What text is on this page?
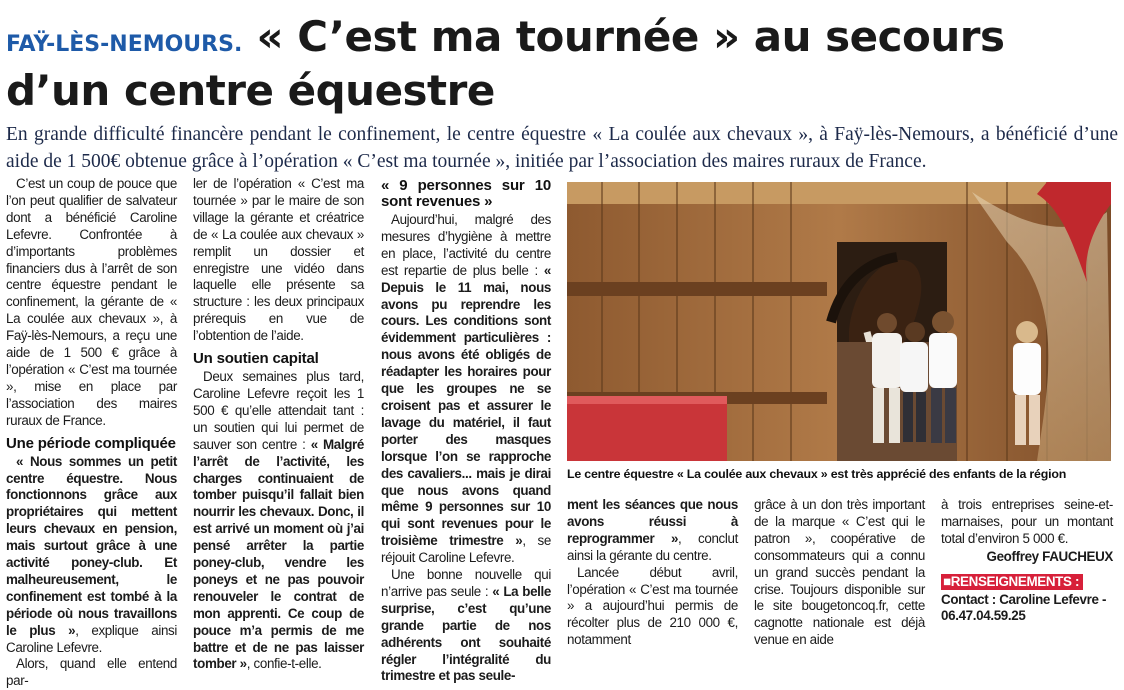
FAŸ-LÈS-NEMOURS. « C’est ma tournée » au secours d’un centre équestre

En grande difficulté financère pendant le confinement, le centre équestre « La coulée aux chevaux », à Faÿ-lès-Nemours, a bénéficié d’une aide de 1 500€ obtenue grâce à l’opération « C’est ma tournée », initiée par l’association des maires ruraux de France.

C’est un coup de pouce que l’on peut qualifier de salvateur dont a bénéficié Caroline Lefevre. Confrontée à d’importants problèmes financiers dus à l’arrêt de son centre équestre pendant le confinement, la gérante de « La coulée aux chevaux », à Faÿ-lès-Nemours, a reçu une aide de 1 500 € grâce à l’opération « C’est ma tournée », mise en place par l’association des maires ruraux de France.

Une période compliquée

« Nous sommes un petit centre équestre. Nous fonctionnons grâce aux propriétaires qui mettent leurs chevaux en pension, mais surtout grâce à une activité poney-club. Et malheureusement, le confinement est tombé à la période où nous travaillons le plus », explique ainsi Caroline Lefevre.

Alors, quand elle entend par-

ler de l’opération « C’est ma tournée » par le maire de son village la gérante et créatrice de « La coulée aux chevaux » remplit un dossier et enregistre une vidéo dans laquelle elle présente sa structure : les deux principaux prérequis en vue de l’obtention de l’aide.

Un soutien capital

Deux semaines plus tard, Caroline Lefevre reçoit les 1 500 € qu’elle attendait tant : un soutien qui lui permet de sauver son centre : « Malgré l’arrêt de l’activité, les charges continuaient de tomber puisqu’il fallait bien nourrir les chevaux. Donc, il est arrivé un moment où j’ai pensé arrêter la partie poney-club, vendre les poneys et ne pas pouvoir renouveler le contrat de mon apprenti. Ce coup de pouce m’a permis de me battre et de ne pas laisser tomber », confie-t-elle.

« 9 personnes sur 10 sont revenues »

Aujourd’hui, malgré des mesures d’hygiène à mettre en place, l’activité du centre est repartie de plus belle : « Depuis le 11 mai, nous avons pu reprendre les cours. Les conditions sont évidemment particulières : nous avons été obligés de réadapter les horaires pour que les groupes ne se croisent pas et assurer le lavage du matériel, il faut porter des masques lorsque l’on se rapproche des cavaliers... mais je dirai que nous avons quand même 9 personnes sur 10 qui sont revenues pour le troisième trimestre », se réjouit Caroline Lefevre.

Une bonne nouvelle qui n’arrive pas seule : « La belle surprise, c’est qu’une grande partie de nos adhérents ont souhaité régler l’intégralité du trimestre et pas seule-

Le centre équestre « La coulée aux chevaux » est très apprécié des enfants de la région

ment les séances que nous avons réussi à reprogrammer », conclut ainsi la gérante du centre.

Lancée début avril, l’opération « C’est ma tournée » a aujourd’hui permis de récolter plus de 210 000 €, notamment

grâce à un don très important de la marque « C’est qui le patron », coopérative de consommateurs qui a connu un grand succès pendant la crise. Toujours disponible sur le site bougetoncoq.fr, cette cagnotte nationale est déjà venue en aide

à trois entreprises seine-et-marnaises, pour un montant total d’environ 5 000 €.

Geoffrey FAUCHEUX
■RENSEIGNEMENTS :
Contact : Caroline Lefevre - 06.47.04.59.25
